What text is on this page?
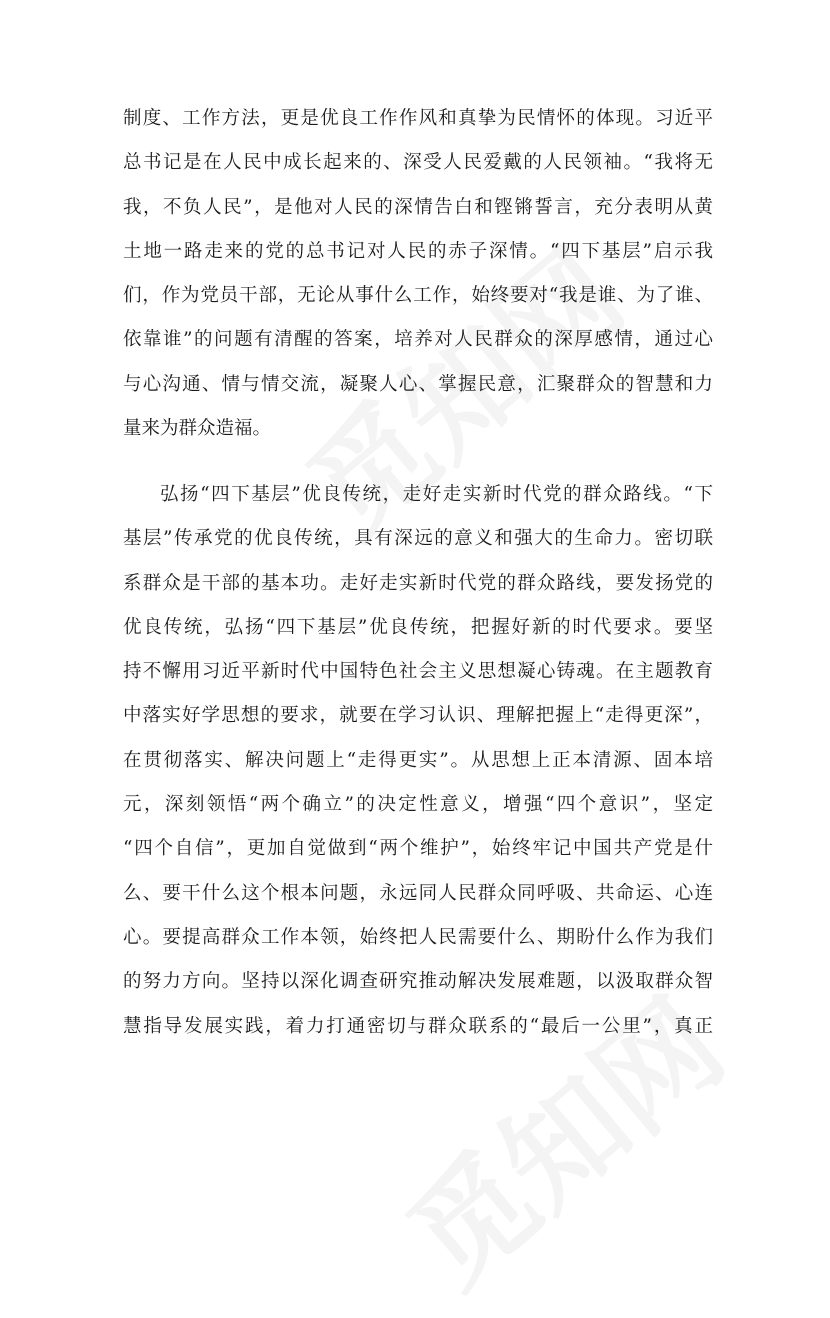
制度、工作方法，更是优良工作作风和真挚为民情怀的体现。习近平
总书记是在人民中成长起来的、深受人民爱戴的人民领袖。“我将无
我，不负人民”，是他对人民的深情告白和铿锵誓言，充分表明从黄
土地一路走来的党的总书记对人民的赤子深情。“四下基层”启示我
们，作为党员干部，无论从事什么工作，始终要对“我是谁、为了谁、
依靠谁”的问题有清醒的答案，培养对人民群众的深厚感情，通过心
与心沟通、情与情交流，凝聚人心、掌握民意，汇聚群众的智慧和力
量来为群众造福。

弘扬“四下基层”优良传统，走好走实新时代党的群众路线。“下
基层”传承党的优良传统，具有深远的意义和强大的生命力。密切联
系群众是干部的基本功。走好走实新时代党的群众路线，要发扬党的
优良传统，弘扬“四下基层”优良传统，把握好新的时代要求。要坚
持不懈用习近平新时代中国特色社会主义思想凝心铸魂。在主题教育
中落实好学思想的要求，就要在学习认识、理解把握上“走得更深”，
在贯彻落实、解决问题上“走得更实”。从思想上正本清源、固本培
元，深刻领悟“两个确立”的决定性意义，增强“四个意识”，坚定
“四个自信”，更加自觉做到“两个维护”，始终牢记中国共产党是什
么、要干什么这个根本问题，永远同人民群众同呼吸、共命运、心连
心。要提高群众工作本领，始终把人民需要什么、期盼什么作为我们
的努力方向。坚持以深化调查研究推动解决发展难题，以汲取群众智
慧指导发展实践，着力打通密切与群众联系的“最后一公里”，真正
